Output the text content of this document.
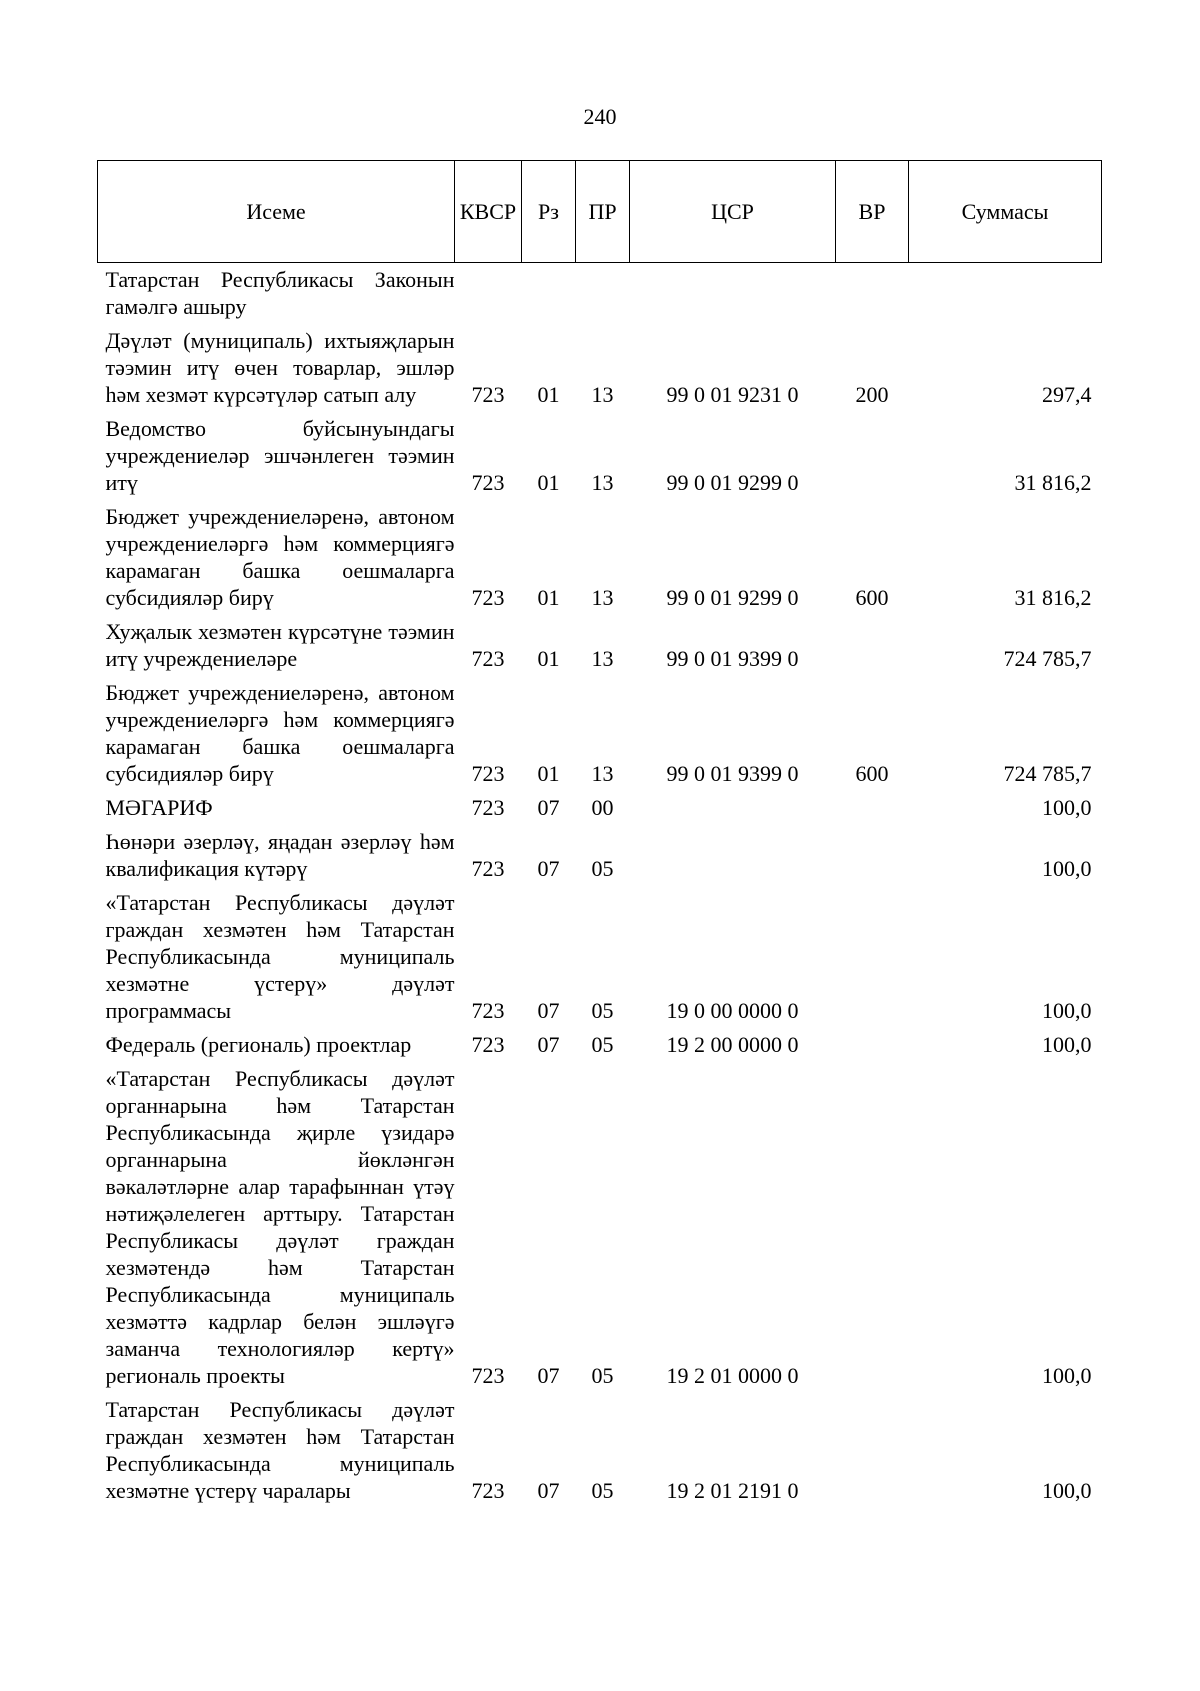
240
Исеме	КВСР	Рз	ПР	ЦСР	ВР	Суммасы
Татарстан Республикасы Законын гамәлгә ашыру						
Дәүләт (муниципаль) ихтыяҗларын тәэмин итү өчен товарлар, эшләр һәм хезмәт күрсәтүләр сатып алу	723	01	13	99 0 01 9231 0	200	297,4
Ведомство буйсынуындагы учреждениеләр эшчәнлеген тәэмин итү	723	01	13	99 0 01 9299 0		31 816,2
Бюджет учреждениеләренә, автоном учреждениеләргә һәм коммерциягә карамаган башка оешмаларга субсидияләр бирү	723	01	13	99 0 01 9299 0	600	31 816,2
Хуҗалык хезмәтен күрсәтүне тәэмин итү учреждениеләре	723	01	13	99 0 01 9399 0		724 785,7
Бюджет учреждениеләренә, автоном учреждениеләргә һәм коммерциягә карамаган башка оешмаларга субсидияләр бирү	723	01	13	99 0 01 9399 0	600	724 785,7
МӘГАРИФ	723	07	00			100,0
Һөнәри әзерләү, яңадан әзерләү һәм квалификация күтәрү	723	07	05			100,0
«Татарстан Республикасы дәүләт граждан хезмәтен һәм Татарстан Республикасында муниципаль хезмәтне үстерү» дәүләт программасы	723	07	05	19 0 00 0000 0		100,0
Федераль (региональ) проектлар	723	07	05	19 2 00 0000 0		100,0
«Татарстан Республикасы дәүләт органнарына һәм Татарстан Республикасында җирле үзидарә органнарына йөкләнгән вәкаләтләрне алар тарафыннан үтәү нәтиҗәлелеген арттыру. Татарстан Республикасы дәүләт граждан хезмәтендә һәм Татарстан Республикасында муниципаль хезмәттә кадрлар белән эшләүгә заманча технологияләр кертү» региональ проекты	723	07	05	19 2 01 0000 0		100,0
Татарстан Республикасы дәүләт граждан хезмәтен һәм Татарстан Республикасында муниципаль хезмәтне үстерү чаралары	723	07	05	19 2 01 2191 0		100,0
